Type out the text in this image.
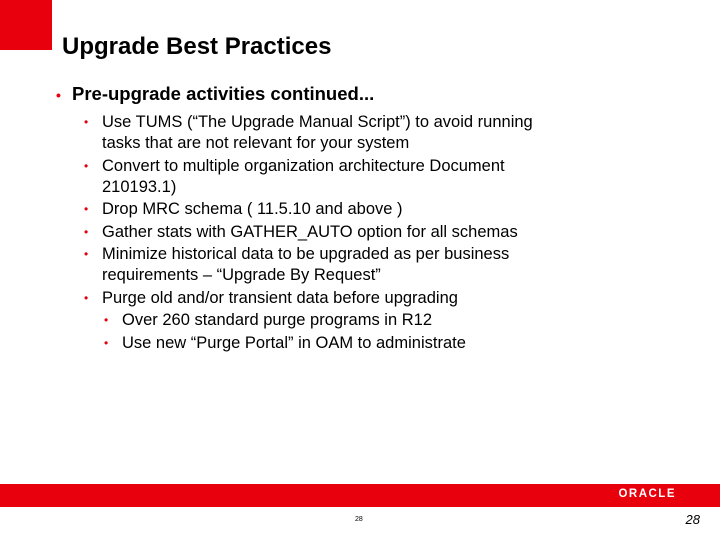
Upgrade Best Practices
• Pre-upgrade activities continued...
• Use TUMS (“The Upgrade Manual Script”) to avoid running
tasks that are not relevant for your system
• Convert to multiple organization architecture Document
210193.1)
• Drop MRC schema ( 11.5.10 and above )
• Gather stats with GATHER_AUTO option for all schemas
• Minimize historical data to be upgraded as per business
requirements – “Upgrade By Request”
• Purge old and/or transient data before upgrading
• Over 260 standard purge programs in R12
• Use new “Purge Portal” in OAM to administrate
ORACLE
28	28
